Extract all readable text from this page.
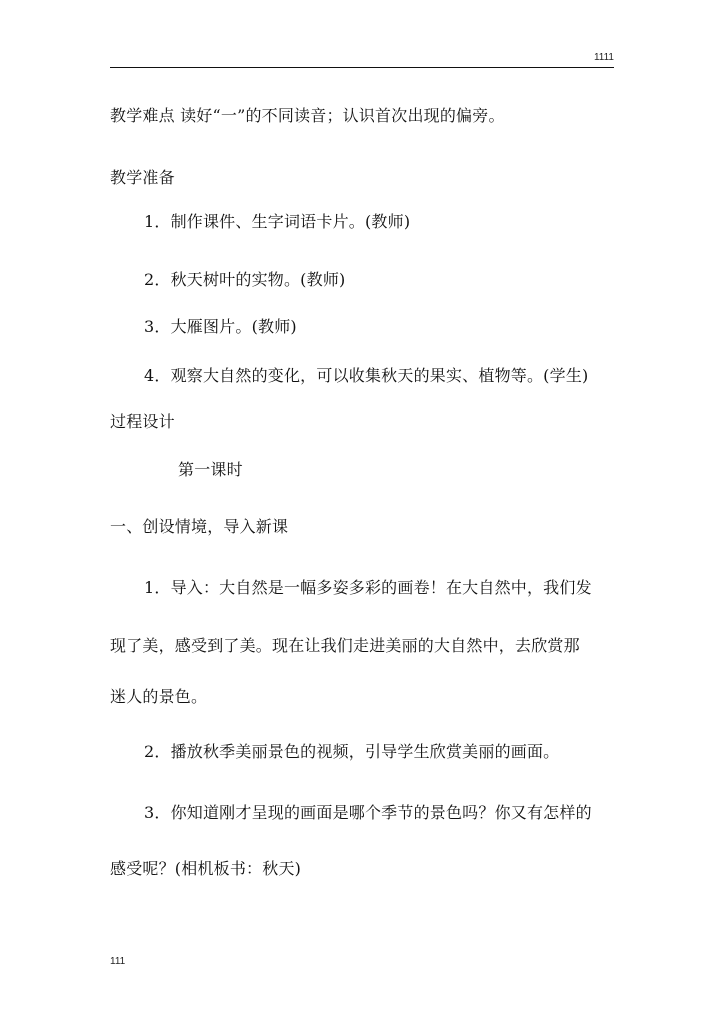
1111
教学难点 读好“一”的不同读音；认识首次出现的偏旁。
教学准备
1．制作课件、生字词语卡片。(教师)
2．秋天树叶的实物。(教师)
3．大雁图片。(教师)
4．观察大自然的变化，可以收集秋天的果实、植物等。(学生)
过程设计
第一课时
一、创设情境，导入新课
1．导入：大自然是一幅多姿多彩的画卷！在大自然中，我们发
现了美，感受到了美。现在让我们走进美丽的大自然中，去欣赏那
迷人的景色。
2．播放秋季美丽景色的视频，引导学生欣赏美丽的画面。
3．你知道刚才呈现的画面是哪个季节的景色吗？你又有怎样的
感受呢？(相机板书：秋天)
111
